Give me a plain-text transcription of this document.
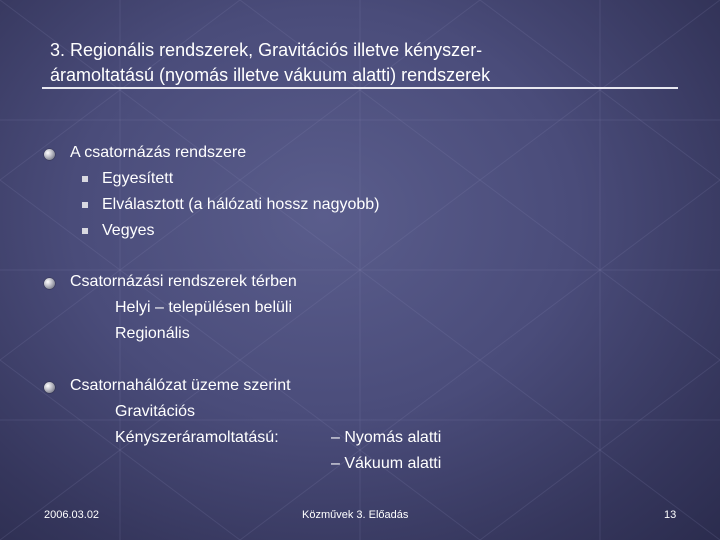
3. Regionális rendszerek, Gravitációs illetve kényszer-
áramoltatású (nyomás illetve vákuum alatti) rendszerek
A csatornázás rendszere
Egyesített
Elválasztott (a hálózati hossz nagyobb)
Vegyes
Csatornázási rendszerek térben
Helyi – településen belüli
Regionális
Csatornahálózat üzeme szerint
Gravitációs
Kényszeráramoltatású:	– Nyomás alatti
– Vákuum alatti
2006.03.02	Közművek 3. Előadás	13
